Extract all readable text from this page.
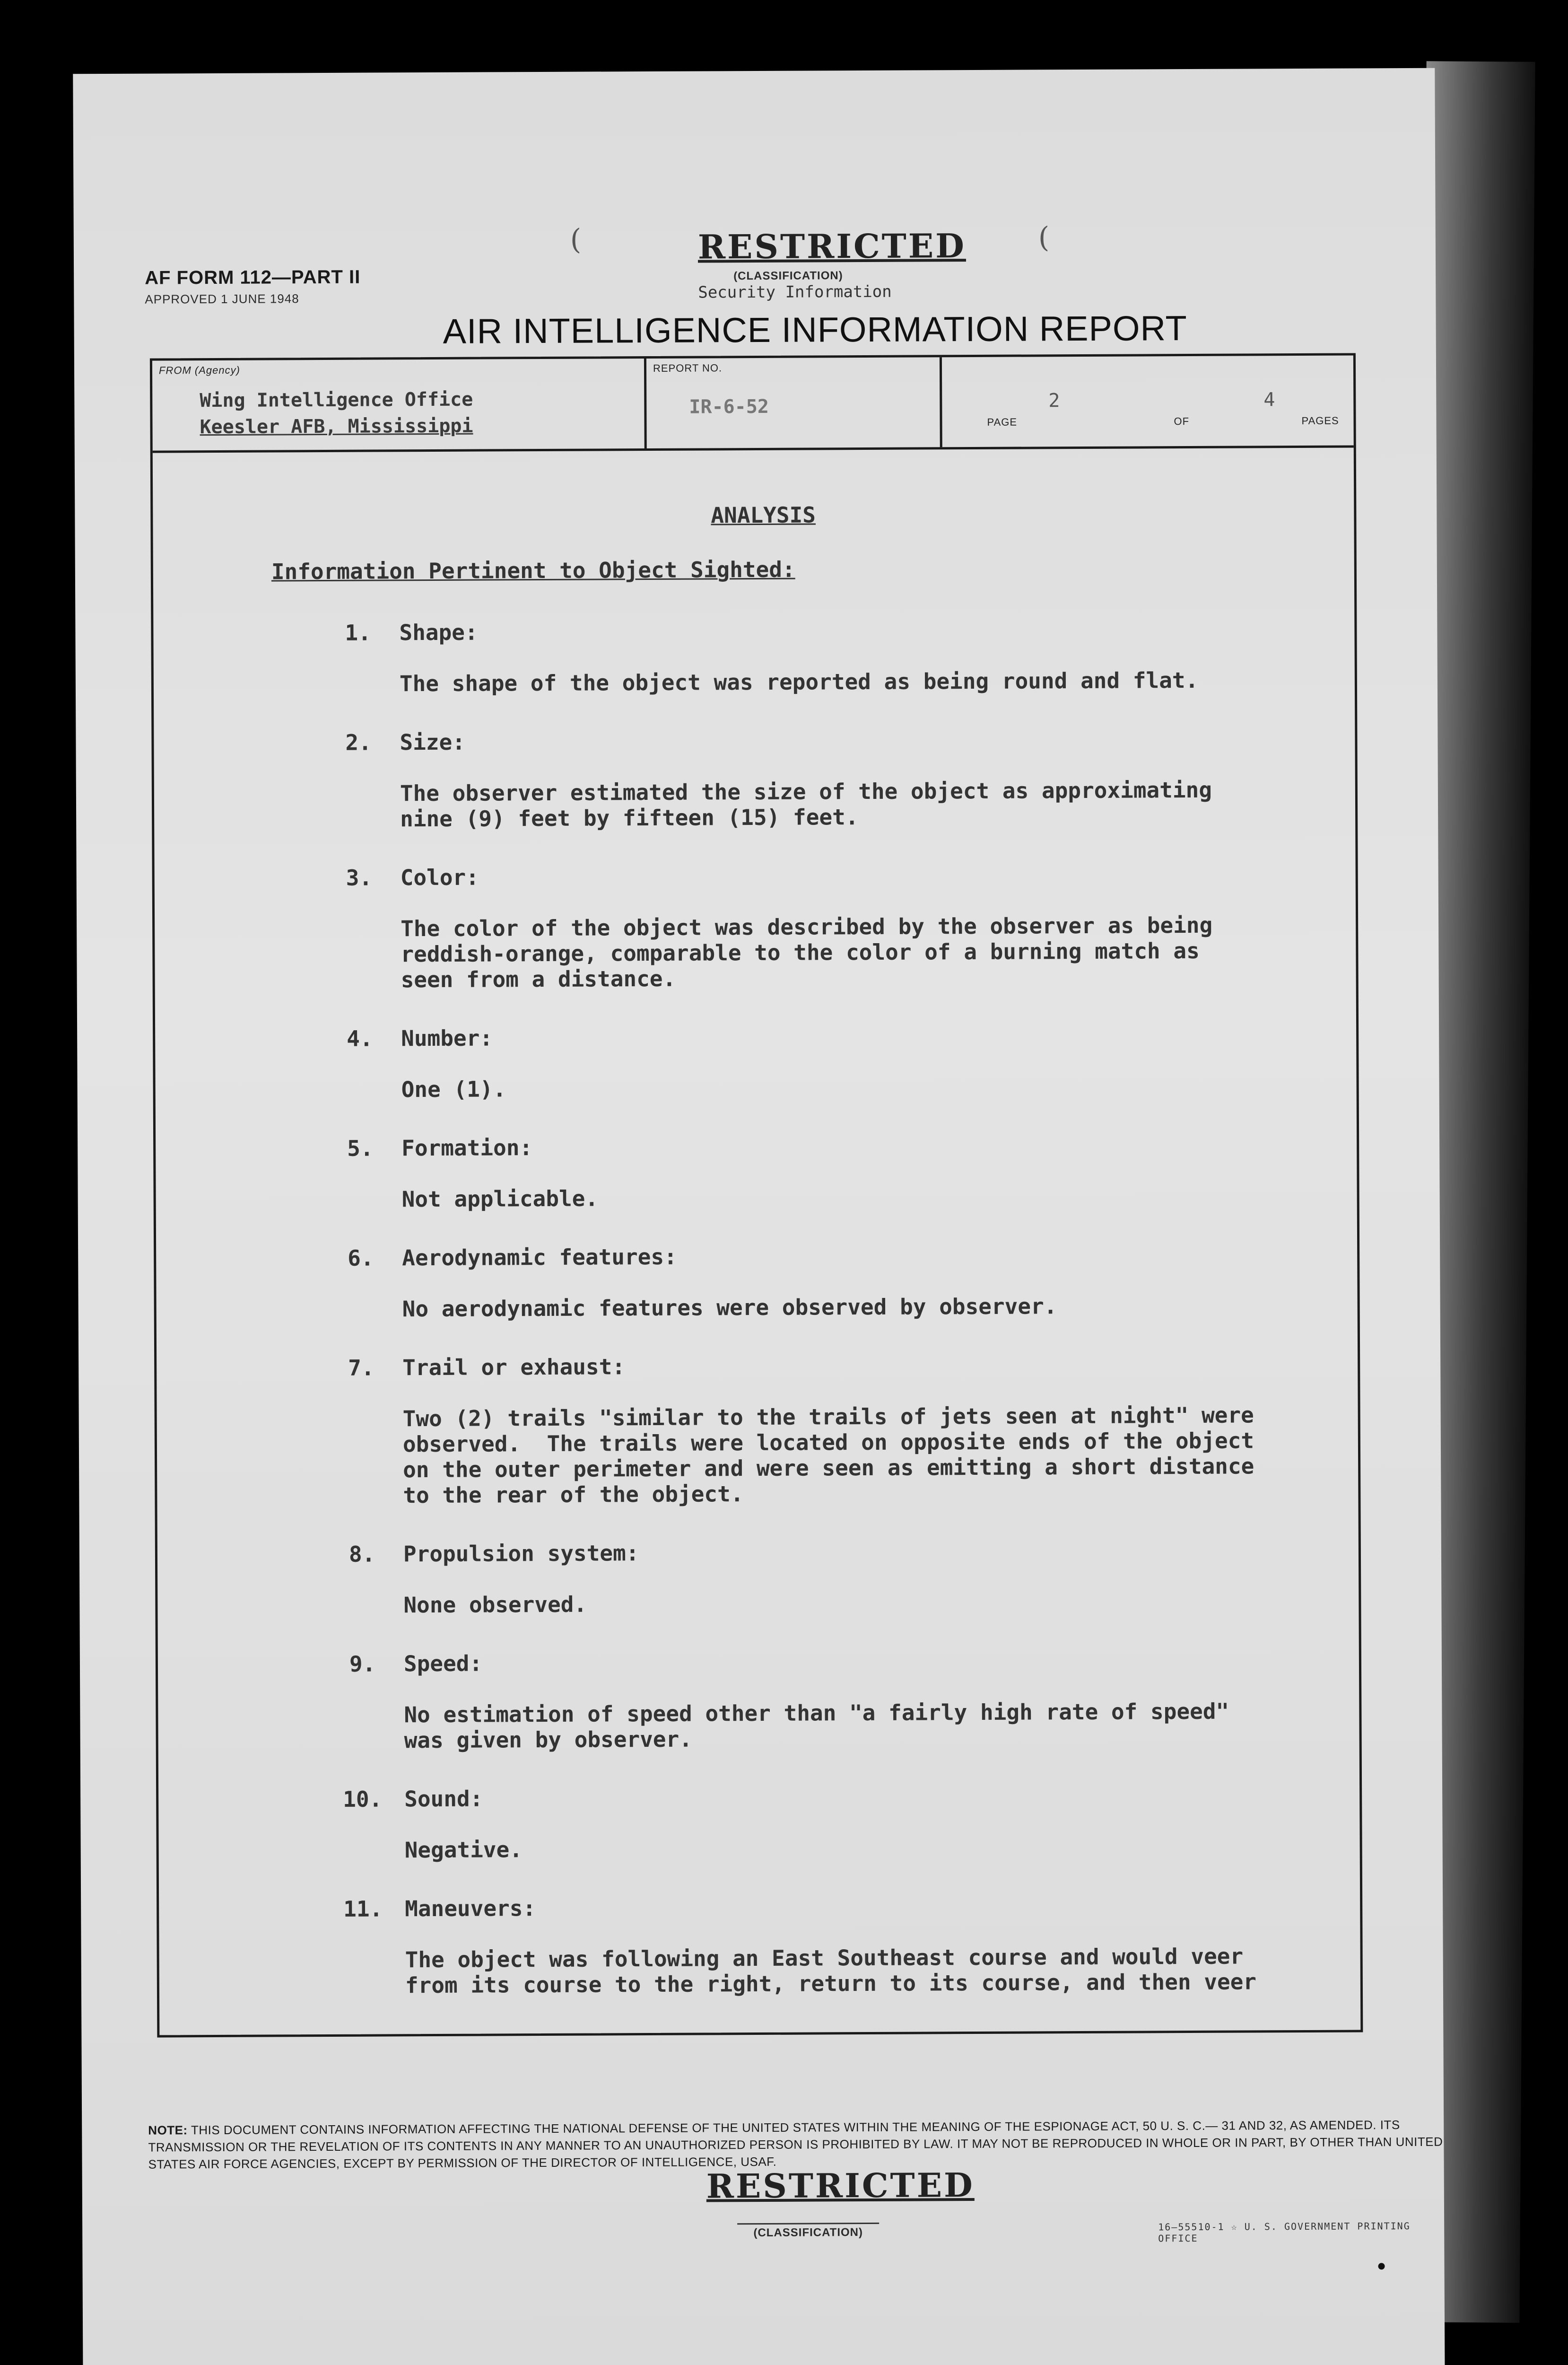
AF FORM 112—PART II
APPROVED 1 JUNE 1948
(	(
RESTRICTED
(CLASSIFICATION)
Security Information
AIR INTELLIGENCE INFORMATION REPORT
FROM (Agency)
Wing Intelligence Office
Keesler AFB, Mississippi
REPORT NO.
IR-6-52
PAGE
2
OF
4
PAGES
ANALYSIS
Information Pertinent to Object Sighted:
1. Shape:
The shape of the object was reported as being round and flat.
2. Size:
The observer estimated the size of the object as approximating
nine (9) feet by fifteen (15) feet.
3. Color:
The color of the object was described by the observer as being
reddish-orange, comparable to the color of a burning match as
seen from a distance.
4. Number:
One (1).
5. Formation:
Not applicable.
6. Aerodynamic features:
No aerodynamic features were observed by observer.
7. Trail or exhaust:
Two (2) trails "similar to the trails of jets seen at night" were
observed.  The trails were located on opposite ends of the object
on the outer perimeter and were seen as emitting a short distance
to the rear of the object.
8. Propulsion system:
None observed.
9. Speed:
No estimation of speed other than "a fairly high rate of speed"
was given by observer.
10. Sound:
Negative.
11. Maneuvers:
The object was following an East Southeast course and would veer
from its course to the right, return to its course, and then veer
NOTE: THIS DOCUMENT CONTAINS INFORMATION AFFECTING THE NATIONAL DEFENSE OF THE UNITED STATES WITHIN THE MEANING OF THE ESPIONAGE ACT, 50 U. S. C.— 31 AND 32, AS AMENDED. ITS TRANSMISSION OR THE REVELATION OF ITS CONTENTS IN ANY MANNER TO AN UNAUTHORIZED PERSON IS PROHIBITED BY LAW. IT MAY NOT BE REPRODUCED IN WHOLE OR IN PART, BY OTHER THAN UNITED STATES AIR FORCE AGENCIES, EXCEPT BY PERMISSION OF THE DIRECTOR OF INTELLIGENCE, USAF.
RESTRICTED
(CLASSIFICATION)	16—55510-1 ☆ U. S. GOVERNMENT PRINTING OFFICE
